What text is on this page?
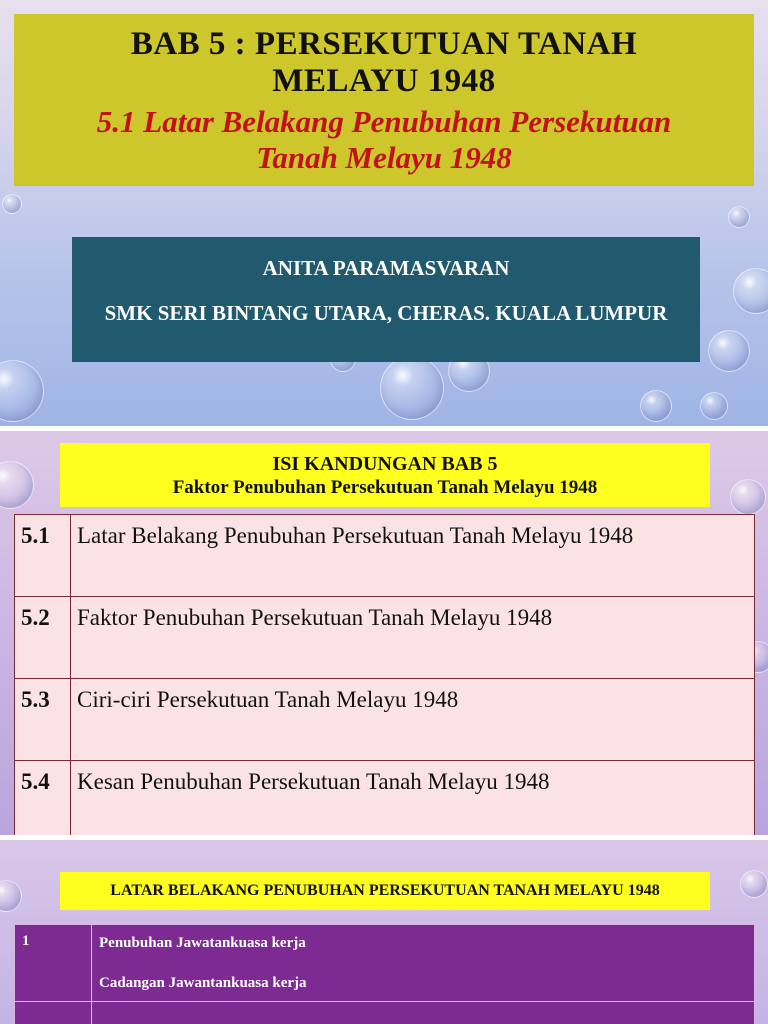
BAB 5 : PERSEKUTUAN TANAH
MELAYU 1948
5.1 Latar Belakang Penubuhan Persekutuan
Tanah Melayu 1948
ANITA PARAMASVARAN
SMK SERI BINTANG UTARA, CHERAS. KUALA LUMPUR
ISI KANDUNGAN BAB 5
Faktor Penubuhan Persekutuan Tanah Melayu 1948
5.1	Latar Belakang Penubuhan Persekutuan Tanah Melayu 1948
5.2	Faktor Penubuhan Persekutuan Tanah Melayu 1948
5.3	Ciri-ciri Persekutuan Tanah Melayu 1948
5.4	Kesan Penubuhan Persekutuan Tanah Melayu 1948
LATAR BELAKANG PENUBUHAN PERSEKUTUAN TANAH MELAYU 1948
1	Penubuhan Jawatankuasa kerja
Cadangan Jawantankuasa kerja
